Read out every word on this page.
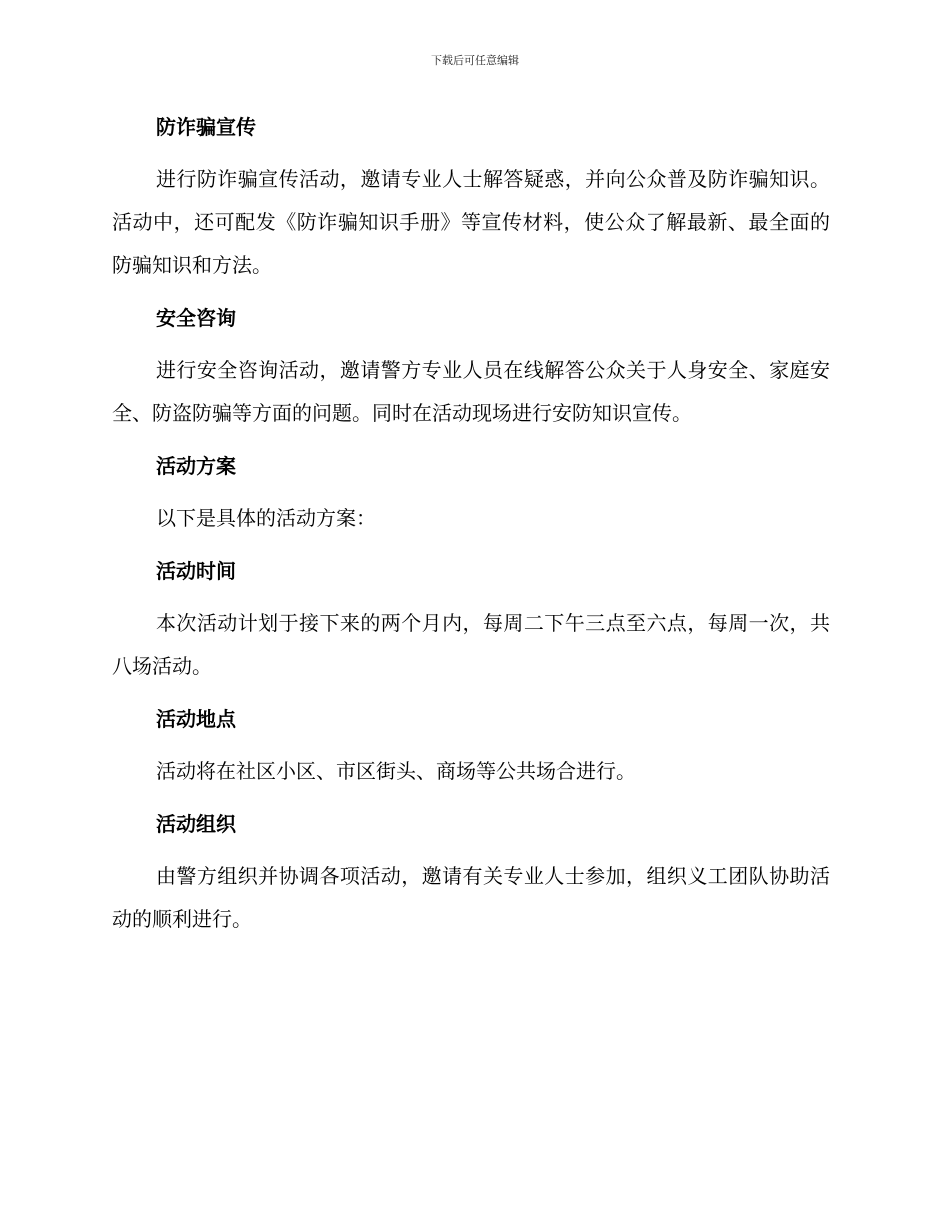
下载后可任意编辑
防诈骗宣传

进行防诈骗宣传活动，邀请专业人士解答疑惑，并向公众普及防诈骗知识。活动中，还可配发《防诈骗知识手册》等宣传材料，使公众了解最新、最全面的防骗知识和方法。

安全咨询

进行安全咨询活动，邀请警方专业人员在线解答公众关于人身安全、家庭安全、防盗防骗等方面的问题。同时在活动现场进行安防知识宣传。

活动方案

以下是具体的活动方案：

活动时间

本次活动计划于接下来的两个月内，每周二下午三点至六点，每周一次，共八场活动。

活动地点

活动将在社区小区、市区街头、商场等公共场合进行。

活动组织

由警方组织并协调各项活动，邀请有关专业人士参加，组织义工团队协助活动的顺利进行。
